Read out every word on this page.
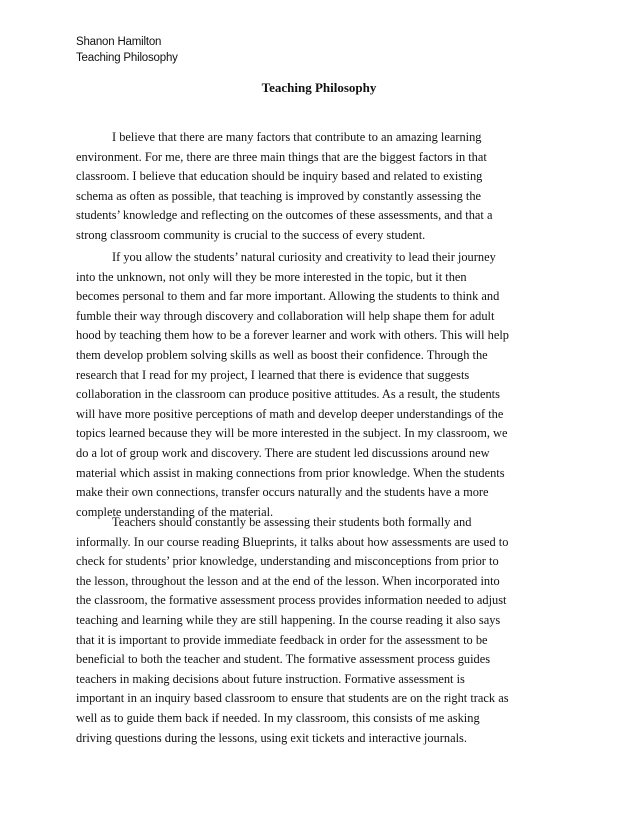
Shanon Hamilton
Teaching Philosophy
Teaching Philosophy
I believe that there are many factors that contribute to an amazing learning
environment. For me, there are three main things that are the biggest factors in that
classroom. I believe that education should be inquiry based and related to existing
schema as often as possible, that teaching is improved by constantly assessing the
students’ knowledge and reflecting on the outcomes of these assessments, and that a
strong classroom community is crucial to the success of every student.
If you allow the students’ natural curiosity and creativity to lead their journey
into the unknown, not only will they be more interested in the topic, but it then
becomes personal to them and far more important. Allowing the students to think and
fumble their way through discovery and collaboration will help shape them for adult
hood by teaching them how to be a forever learner and work with others. This will help
them develop problem solving skills as well as boost their confidence. Through the
research that I read for my project, I learned that there is evidence that suggests
collaboration in the classroom can produce positive attitudes. As a result, the students
will have more positive perceptions of math and develop deeper understandings of the
topics learned because they will be more interested in the subject. In my classroom, we
do a lot of group work and discovery. There are student led discussions around new
material which assist in making connections from prior knowledge. When the students
make their own connections, transfer occurs naturally and the students have a more
complete understanding of the material.
Teachers should constantly be assessing their students both formally and
informally. In our course reading Blueprints, it talks about how assessments are used to
check for students’ prior knowledge, understanding and misconceptions from prior to
the lesson, throughout the lesson and at the end of the lesson. When incorporated into
the classroom, the formative assessment process provides information needed to adjust
teaching and learning while they are still happening. In the course reading it also says
that it is important to provide immediate feedback in order for the assessment to be
beneficial to both the teacher and student. The formative assessment process guides
teachers in making decisions about future instruction. Formative assessment is
important in an inquiry based classroom to ensure that students are on the right track as
well as to guide them back if needed. In my classroom, this consists of me asking
driving questions during the lessons, using exit tickets and interactive journals.
